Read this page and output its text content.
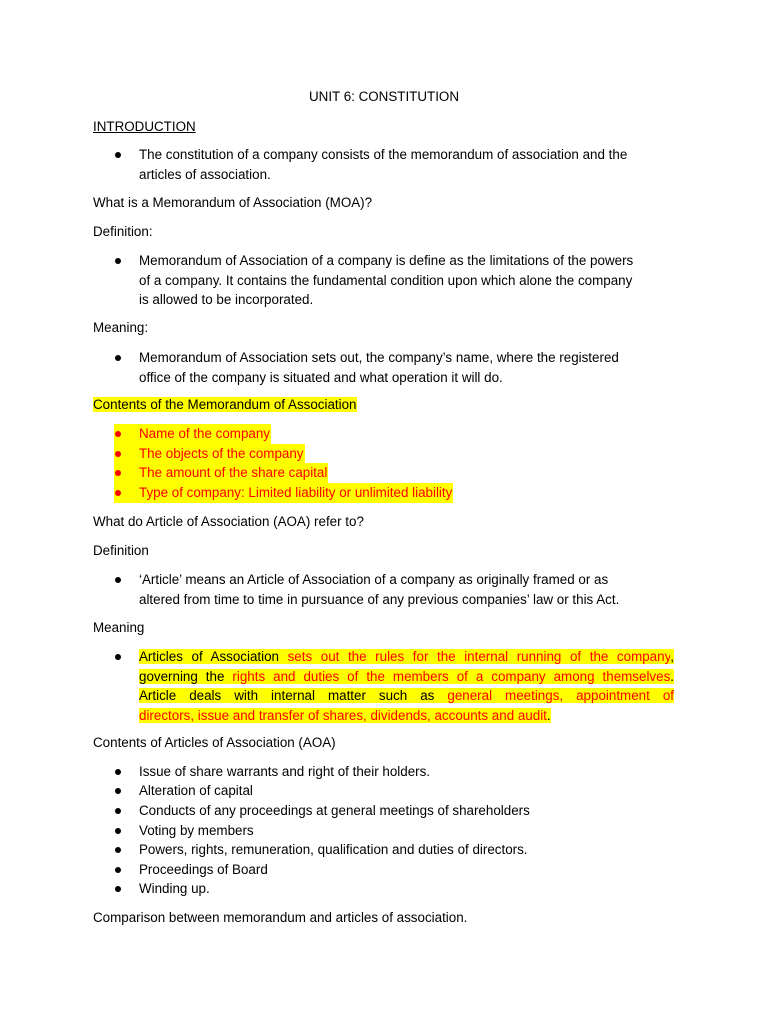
UNIT 6: CONSTITUTION

INTRODUCTION

The constitution of a company consists of the memorandum of association and the
articles of association.

What is a Memorandum of Association (MOA)?

Definition:

Memorandum of Association of a company is define as the limitations of the powers
of a company. It contains the fundamental condition upon which alone the company
is allowed to be incorporated.

Meaning:

Memorandum of Association sets out, the company’s name, where the registered
office of the company is situated and what operation it will do.

Contents of the Memorandum of Association

Name of the company
The objects of the company
The amount of the share capital
Type of company: Limited liability or unlimited liability

What do Article of Association (AOA) refer to?

Definition

‘Article’ means an Article of Association of a company as originally framed or as
altered from time to time in pursuance of any previous companies’ law or this Act.

Meaning

Articles of Association sets out the rules for the internal running of the company,
governing the rights and duties of the members of a company among themselves.
Article deals with internal matter such as general meetings, appointment of
directors, issue and transfer of shares, dividends, accounts and audit.

Contents of Articles of Association (AOA)

Issue of share warrants and right of their holders.
Alteration of capital
Conducts of any proceedings at general meetings of shareholders
Voting by members
Powers, rights, remuneration, qualification and duties of directors.
Proceedings of Board
Winding up.

Comparison between memorandum and articles of association.
